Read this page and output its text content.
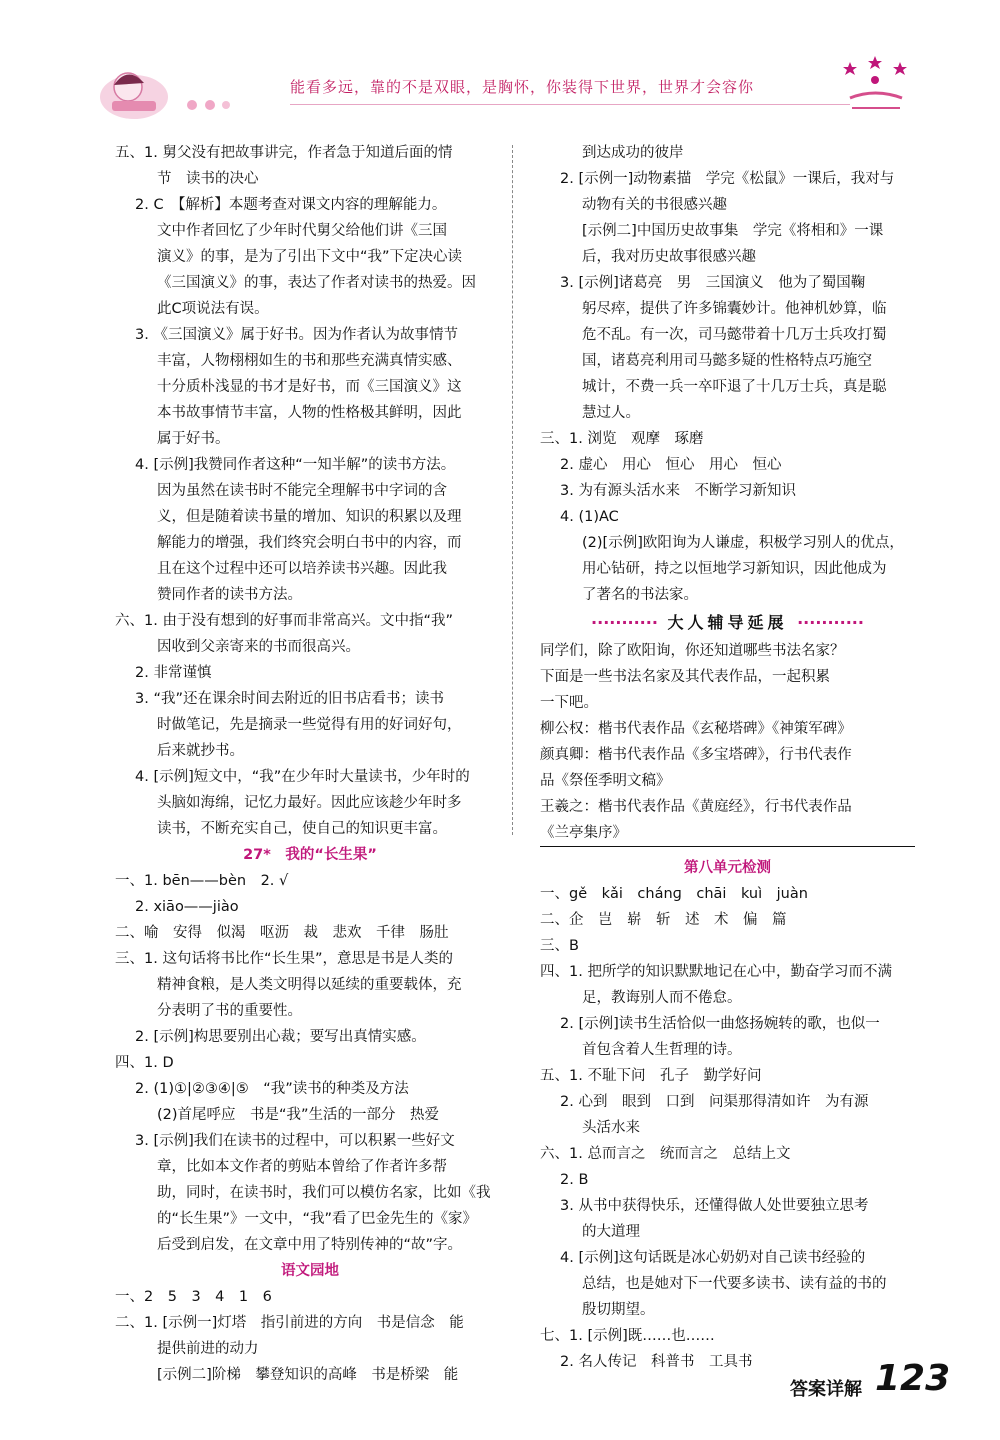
能看多远，靠的不是双眼，是胸怀，你装得下世界，世界才会容你
五、1. 舅父没有把故事讲完，作者急于知道后面的情
节　读书的决心
2. C　【解析】本题考查对课文内容的理解能力。
文中作者回忆了少年时代舅父给他们讲《三国
演义》的事，是为了引出下文中“我”下定决心读
《三国演义》的事，表达了作者对读书的热爱。因
此C项说法有误。
3. 《三国演义》属于好书。因为作者认为故事情节
丰富，人物栩栩如生的书和那些充满真情实感、
十分质朴浅显的书才是好书，而《三国演义》这
本书故事情节丰富，人物的性格极其鲜明，因此
属于好书。
4. [示例]我赞同作者这种“一知半解”的读书方法。
因为虽然在读书时不能完全理解书中字词的含
义，但是随着读书量的增加、知识的积累以及理
解能力的增强，我们终究会明白书中的内容，而
且在这个过程中还可以培养读书兴趣。因此我
赞同作者的读书方法。
六、1. 由于没有想到的好事而非常高兴。文中指“我”
因收到父亲寄来的书而很高兴。
2. 非常谨慎
3. “我”还在课余时间去附近的旧书店看书；读书
时做笔记，先是摘录一些觉得有用的好词好句，
后来就抄书。
4. [示例]短文中，“我”在少年时大量读书，少年时的
头脑如海绵，记忆力最好。因此应该趁少年时多
读书，不断充实自己，使自己的知识更丰富。
27*　我的“长生果”
一、1. bēn——bèn　2. √
2. xiāo——jiào
二、喻　安得　似渴　呕沥　裁　悲欢　千律　肠肚
三、1. 这句话将书比作“长生果”，意思是书是人类的
精神食粮，是人类文明得以延续的重要载体，充
分表明了书的重要性。
2. [示例]构思要别出心裁；要写出真情实感。
四、1. D
2. (1)①|②③④|⑤　“我”读书的种类及方法
(2)首尾呼应　书是“我”生活的一部分　热爱
3. [示例]我们在读书的过程中，可以积累一些好文
章，比如本文作者的剪贴本曾给了作者许多帮
助，同时，在读书时，我们可以模仿名家，比如《我
的“长生果”》一文中，“我”看了巴金先生的《家》
后受到启发，在文章中用了特别传神的“故”字。
语文园地
一、2　5　3　4　1　6
二、1. [示例一]灯塔　指引前进的方向　书是信念　能
提供前进的动力
[示例二]阶梯　攀登知识的高峰　书是桥梁　能
到达成功的彼岸
2. [示例一]动物素描　学完《松鼠》一课后，我对与
动物有关的书很感兴趣
[示例二]中国历史故事集　学完《将相和》一课
后，我对历史故事很感兴趣
3. [示例]诸葛亮　男　三国演义　他为了蜀国鞠
躬尽瘁，提供了许多锦囊妙计。他神机妙算，临
危不乱。有一次，司马懿带着十几万士兵攻打蜀
国，诸葛亮利用司马懿多疑的性格特点巧施空
城计，不费一兵一卒吓退了十几万士兵，真是聪
慧过人。
三、1. 浏览　观摩　琢磨
2. 虚心　用心　恒心　用心　恒心
3. 为有源头活水来　不断学习新知识
4. (1)AC
(2)[示例]欧阳询为人谦虚，积极学习别人的优点，
用心钻研，持之以恒地学习新知识，因此他成为
了著名的书法家。
··········· 大人辅导延展 ···········
同学们，除了欧阳询，你还知道哪些书法名家？
下面是一些书法名家及其代表作品，一起积累
一下吧。
柳公权：楷书代表作品《玄秘塔碑》《神策军碑》
颜真卿：楷书代表作品《多宝塔碑》，行书代表作
品《祭侄季明文稿》
王羲之：楷书代表作品《黄庭经》，行书代表作品
《兰亭集序》
第八单元检测
一、gě　kǎi　chánɡ　chāi　kuì　juàn
二、企　岂　崭　斩　述　术　偏　篇
三、B
四、1. 把所学的知识默默地记在心中，勤奋学习而不满
足，教诲别人而不倦怠。
2. [示例]读书生活恰似一曲悠扬婉转的歌，也似一
首包含着人生哲理的诗。
五、1. 不耻下问　孔子　勤学好问
2. 心到　眼到　口到　问渠那得清如许　为有源
头活水来
六、1. 总而言之　统而言之　总结上文
2. B
3. 从书中获得快乐，还懂得做人处世要独立思考
的大道理
4. [示例]这句话既是冰心奶奶对自己读书经验的
总结，也是她对下一代要多读书、读有益的书的
殷切期望。
七、1. [示例]既……也……
2. 名人传记　科普书　工具书
答案详解 123
